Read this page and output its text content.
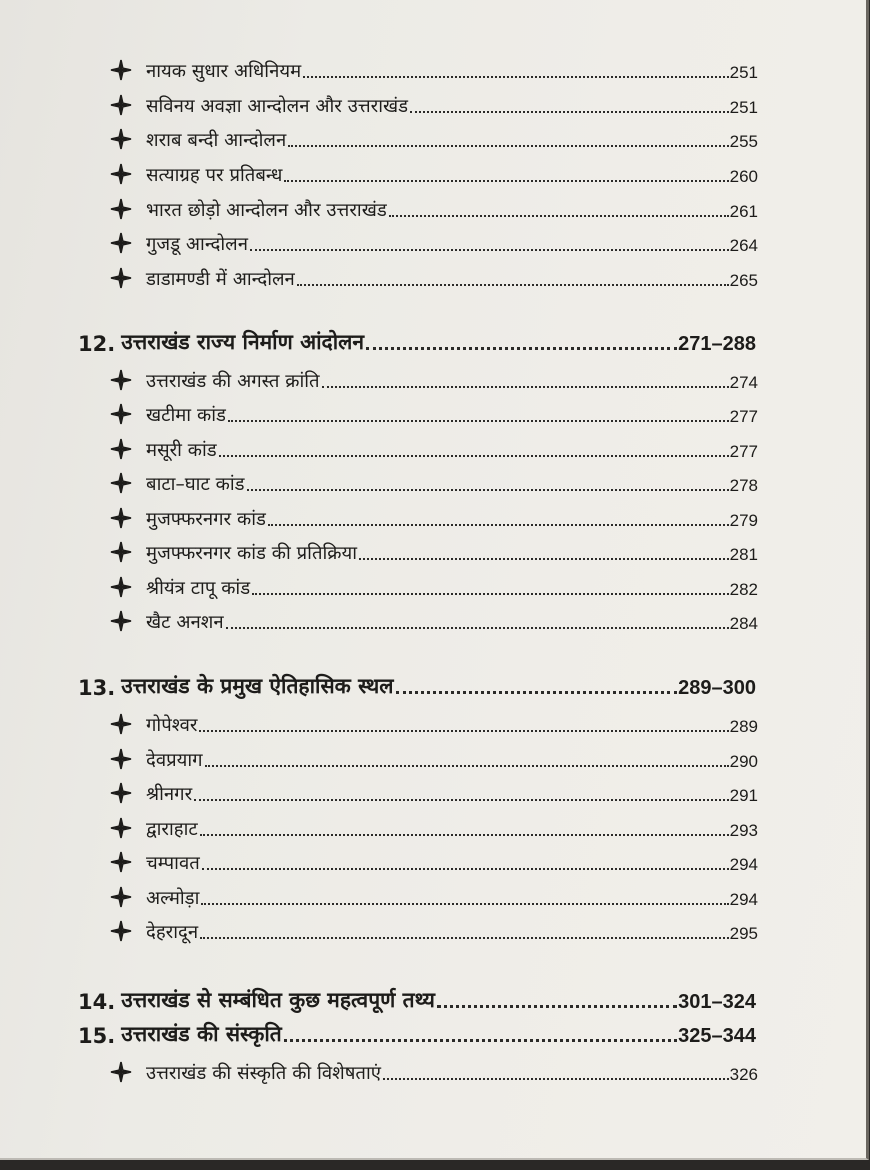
नायक सुधार अधिनियम	251
सविनय अवज्ञा आन्दोलन और उत्तराखंड	251
शराब बन्दी आन्दोलन	255
सत्याग्रह पर प्रतिबन्ध	260
भारत छोड़ो आन्दोलन और उत्तराखंड	261
गुजडू आन्दोलन	264
डाडामण्डी में आन्दोलन	265
12. उत्तराखंड राज्य निर्माण आंदोलन	271–288
उत्तराखंड की अगस्त क्रांति	274
खटीमा कांड	277
मसूरी कांड	277
बाटा–घाट कांड	278
मुजफ्फरनगर कांड	279
मुजफ्फरनगर कांड की प्रतिक्रिया	281
श्रीयंत्र टापू कांड	282
खैट अनशन	284
13. उत्तराखंड के प्रमुख ऐतिहासिक स्थल	289–300
गोपेश्वर	289
देवप्रयाग	290
श्रीनगर	291
द्वाराहाट	293
चम्पावत	294
अल्मोड़ा	294
देहरादून	295
14. उत्तराखंड से सम्बंधित कुछ महत्वपूर्ण तथ्य	301–324
15. उत्तराखंड की संस्कृति	325–344
उत्तराखंड की संस्कृति की विशेषताएं	326
